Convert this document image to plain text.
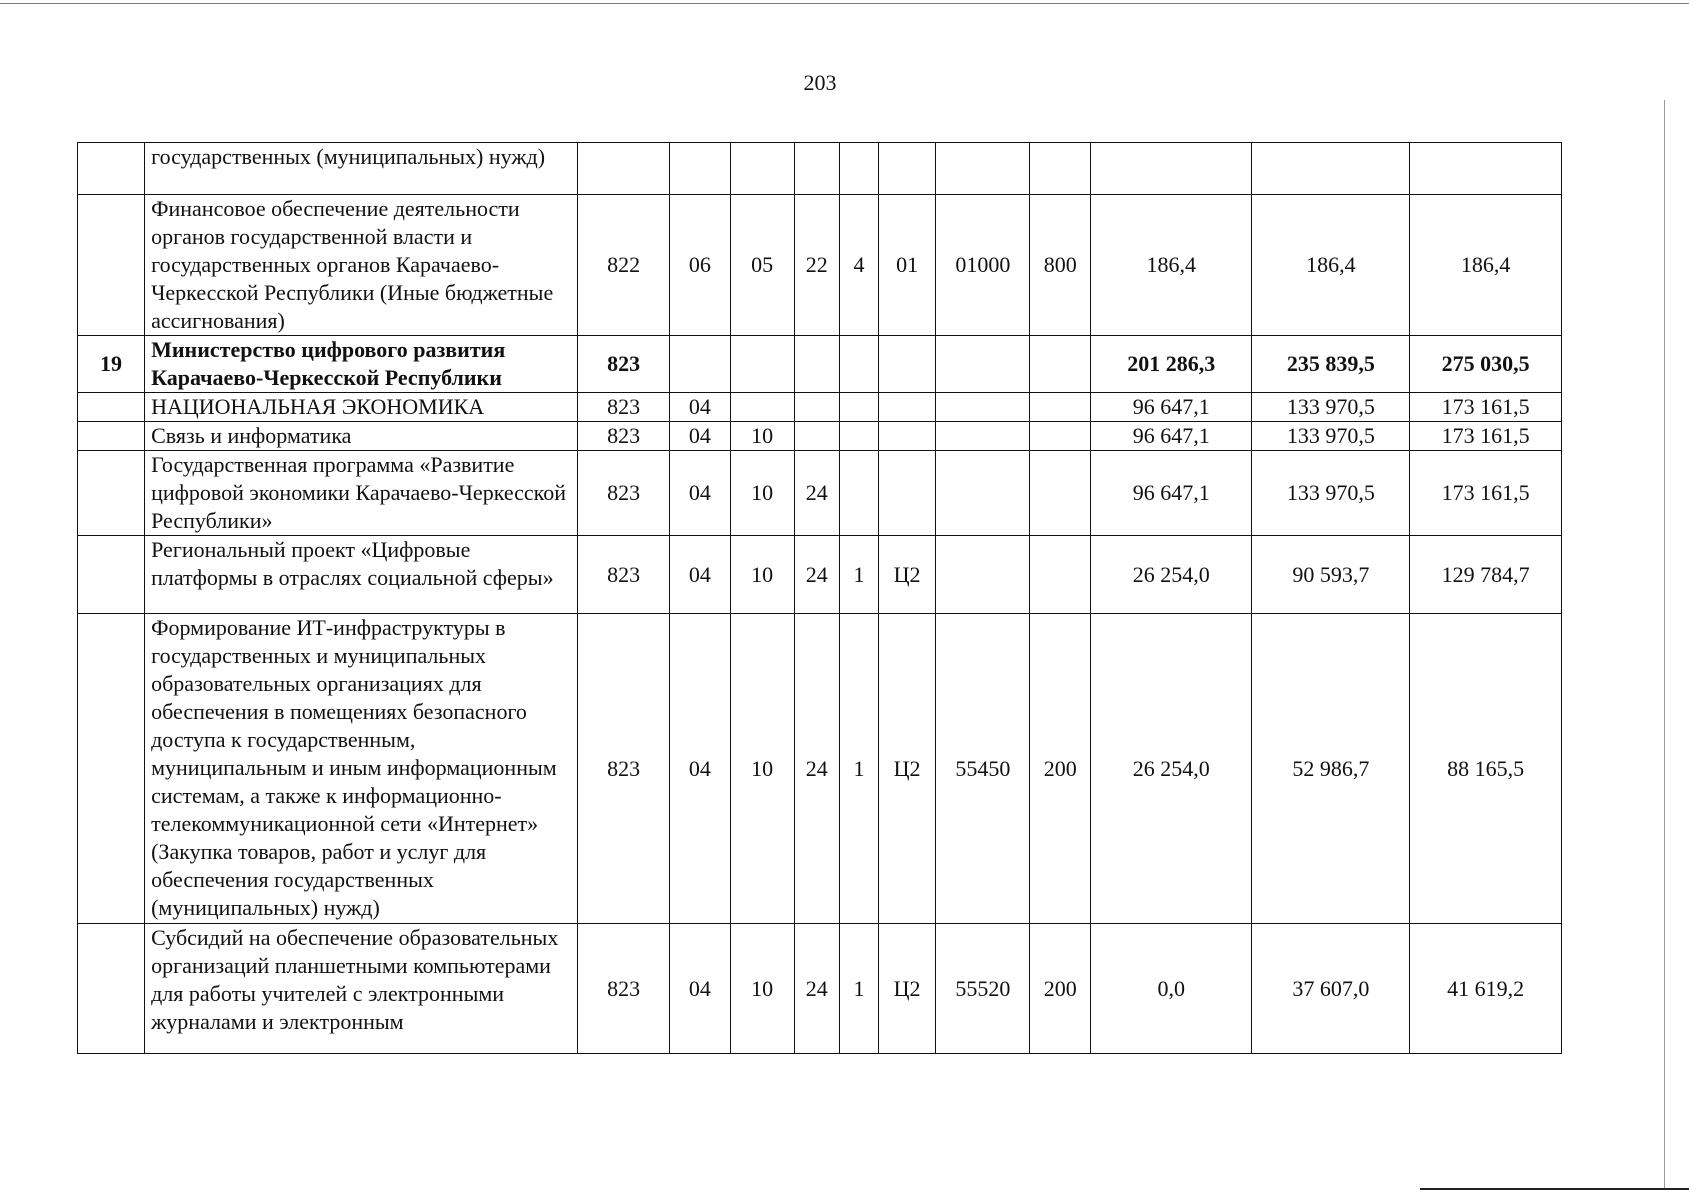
203
	государственных (муниципальных) нужд)											
	Финансовое обеспечение деятельности органов государственной власти и государственных органов Карачаево-Черкесской Республики (Иные бюджетные ассигнования)	822	06	05	22	4	01	01000	800	186,4	186,4	186,4
19	Министерство цифрового развития Карачаево-Черкесской Республики	823								201 286,3	235 839,5	275 030,5
	НАЦИОНАЛЬНАЯ ЭКОНОМИКА	823	04							96 647,1	133 970,5	173 161,5
	Связь и информатика	823	04	10						96 647,1	133 970,5	173 161,5
	Государственная программа «Развитие цифровой экономики Карачаево-Черкесской Республики»	823	04	10	24					96 647,1	133 970,5	173 161,5
	Региональный проект «Цифровые платформы в отраслях социальной сферы»	823	04	10	24	1	Ц2			26 254,0	90 593,7	129 784,7
	Формирование ИТ-инфраструктуры в государственных и муниципальных образовательных организациях для обеспечения в помещениях безопасного доступа к государственным, муниципальным и иным информационным системам, а также к информационно-телекоммуникационной сети «Интернет» (Закупка товаров, работ и услуг для обеспечения государственных (муниципальных) нужд)	823	04	10	24	1	Ц2	55450	200	26 254,0	52 986,7	88 165,5
	Субсидий на обеспечение образовательных организаций планшетными компьютерами для работы учителей с электронными журналами и электронным	823	04	10	24	1	Ц2	55520	200	0,0	37 607,0	41 619,2
